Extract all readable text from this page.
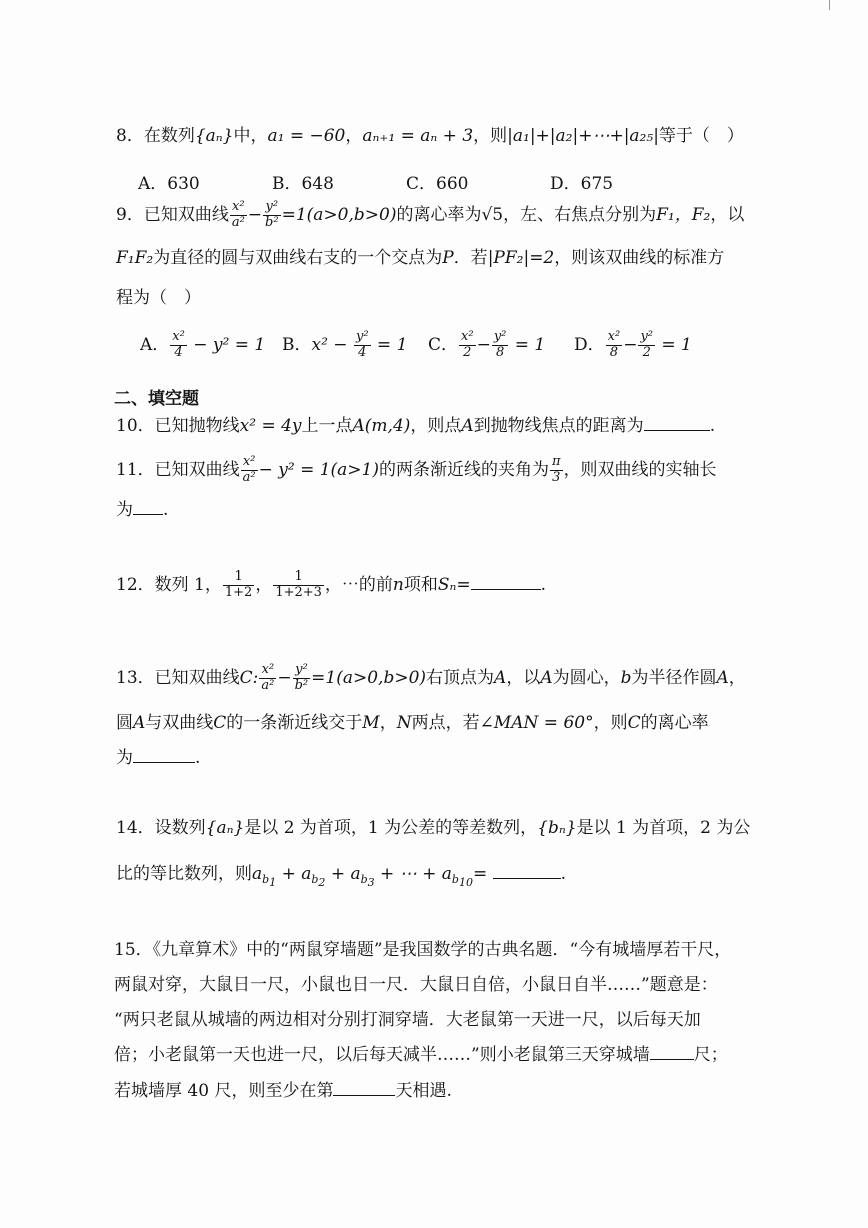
8．在数列{aₙ}中，a₁ = −60，aₙ₊₁ = aₙ + 3，则|a₁|+|a₂|+⋯+|a₂₅|等于（　）
A．630	B．648	C．660	D．675
9．已知双曲线 $\frac{\text{x²}}{\text{a²}} - \frac{\text{y²}}{\text{b²}} =1(a>0,b>0)$的离心率为√5，左、右焦点分别为F₁，F₂，以
F₁F₂为直径的圆与双曲线右支的一个交点为P．若|PF₂|=2，则该双曲线的标准方
程为（　）
A． $\frac{\text{x²}}{4} - y^2 = 1$ B．$x^2 - \frac{\text{y²}}{4} = 1$ C． $\frac{\text{x²}}{2} - \frac{\text{y²}}{8} = 1$ D． $\frac{\text{x²}}{8} - \frac{\text{y²}}{2} = 1$
二、填空题
10．已知抛物线x² = 4y上一点A(m,4)，则点A到抛物线焦点的距离为	.
11．已知双曲线 $\frac{\text{x²}}{\text{a²}} - y^2 = 1(a>1)$的两条渐近线的夹角为 $\frac{\pi}{3}$ ，则双曲线的实轴长
为 .
12．数列 1， $\frac{1}{1+2}$ ， $\frac{1}{1+2+3}$ ，⋯的前n项和Sₙ=	.
13．已知双曲线C: $\frac{\text{x²}}{\text{a²}} - \frac{\text{y²}}{\text{b²}} =1(a>0,b>0)$右顶点为A，以A为圆心，b为半径作圆A，
圆A与双曲线C的一条渐近线交于M，N两点，若∠MAN = 60°，则C的离心率
为	.
14．设数列{aₙ}是以 2 为首项，1 为公差的等差数列，{bₙ}是以 1 为首项，2 为公
比的等比数列，则$a_{b_1} + a_{b_2} + a_{b_3}$ + ⋯ + $a_{b_{10}}=$	.
15．《九章算术》中的“两鼠穿墙题”是我国数学的古典名题．“今有城墙厚若干尺，
两鼠对穿，大鼠日一尺，小鼠也日一尺．大鼠日自倍，小鼠日自半……”题意是：
“两只老鼠从城墙的两边相对分别打洞穿墙．大老鼠第一天进一尺，以后每天加
倍；小老鼠第一天也进一尺，以后每天减半……”则小老鼠第三天穿城墙	尺；
若城墙厚 40 尺，则至少在第	天相遇.
